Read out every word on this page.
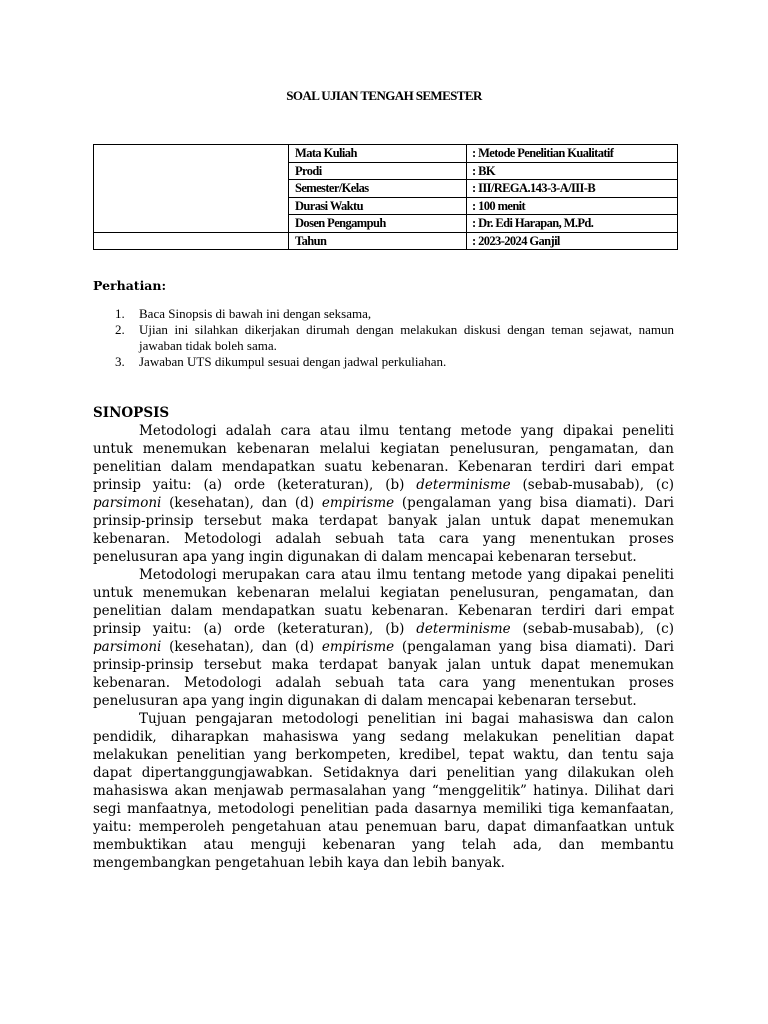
SOAL UJIAN TENGAH SEMESTER
	Mata Kuliah	: Metode Penelitian Kualitatif
	Prodi	: BK
	Semester/Kelas	: III/REGA.143-3-A/III-B
	Durasi Waktu	: 100 menit
	Dosen Pengampuh	: Dr. Edi Harapan, M.Pd.
	Tahun	: 2023-2024 Ganjil
Perhatian:
1. Baca Sinopsis di bawah ini dengan seksama,
2. Ujian ini silahkan dikerjakan dirumah dengan melakukan diskusi dengan teman sejawat, namun jawaban tidak boleh sama.
3. Jawaban UTS dikumpul sesuai dengan jadwal perkuliahan.
SINOPSIS

Metodologi adalah cara atau ilmu tentang metode yang dipakai peneliti untuk menemukan kebenaran melalui kegiatan penelusuran, pengamatan, dan penelitian dalam mendapatkan suatu kebenaran. Kebenaran terdiri dari empat prinsip yaitu: (a) orde (keteraturan), (b) determinisme (sebab-musabab), (c) parsimoni (kesehatan), dan (d) empirisme (pengalaman yang bisa diamati). Dari prinsip-prinsip tersebut maka terdapat banyak jalan untuk dapat menemukan kebenaran. Metodologi adalah sebuah tata cara yang menentukan proses penelusuran apa yang ingin digunakan di dalam mencapai kebenaran tersebut.

Metodologi merupakan cara atau ilmu tentang metode yang dipakai peneliti untuk menemukan kebenaran melalui kegiatan penelusuran, pengamatan, dan penelitian dalam mendapatkan suatu kebenaran. Kebenaran terdiri dari empat prinsip yaitu: (a) orde (keteraturan), (b) determinisme (sebab-musabab), (c) parsimoni (kesehatan), dan (d) empirisme (pengalaman yang bisa diamati). Dari prinsip-prinsip tersebut maka terdapat banyak jalan untuk dapat menemukan kebenaran. Metodologi adalah sebuah tata cara yang menentukan proses penelusuran apa yang ingin digunakan di dalam mencapai kebenaran tersebut.

Tujuan pengajaran metodologi penelitian ini bagai mahasiswa dan calon pendidik, diharapkan mahasiswa yang sedang melakukan penelitian dapat melakukan penelitian yang berkompeten, kredibel, tepat waktu, dan tentu saja dapat dipertanggungjawabkan. Setidaknya dari penelitian yang dilakukan oleh mahasiswa akan menjawab permasalahan yang “menggelitik” hatinya. Dilihat dari segi manfaatnya, metodologi penelitian pada dasarnya memiliki tiga kemanfaatan, yaitu: memperoleh pengetahuan atau penemuan baru, dapat dimanfaatkan untuk membuktikan atau menguji kebenaran yang telah ada, dan membantu mengembangkan pengetahuan lebih kaya dan lebih banyak.
